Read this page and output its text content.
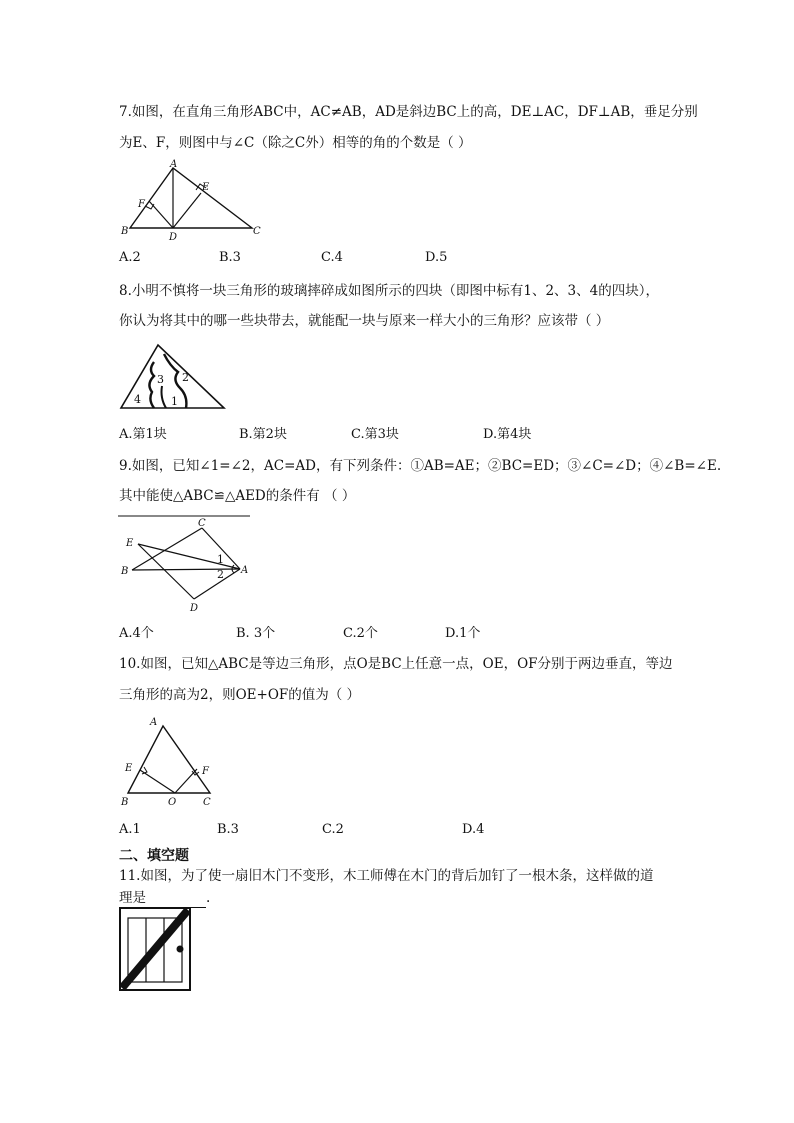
7.如图，在直角三角形ABC中，AC≠AB，AD是斜边BC上的高，DE⊥AC，DF⊥AB，垂足分别
为E、F，则图中与∠C（除之C外）相等的角的个数是（ ）
A
B	C
D
E
F
A.2	B.3	C.4	D.5
8.小明不慎将一块三角形的玻璃摔碎成如图所示的四块（即图中标有1、2、3、4的四块），
你认为将其中的哪一些块带去，就能配一块与原来一样大小的三角形？应该带（ ）
2
3
4	1
A.第1块	B.第2块	C.第3块	D.第4块
9.如图，已知∠1=∠2，AC=AD，有下列条件：①AB=AE；②BC=ED；③∠C=∠D；④∠B=∠E.
其中能使△ABC≌△AED的条件有 （ ）
C
E
B	A
D
1
2
A.4个	B. 3个	C.2个	D.1个
10.如图，已知△ABC是等边三角形，点O是BC上任意一点，OE，OF分别于两边垂直，等边
三角形的高为2，则OE+OF的值为（ ）
A
E	F
B	O	C
A.1	B.3	C.2	D.4
二、填空题
11.如图，为了使一扇旧木门不变形，木工师傅在木门的背后加钉了一根木条，这样做的道
理是	.
